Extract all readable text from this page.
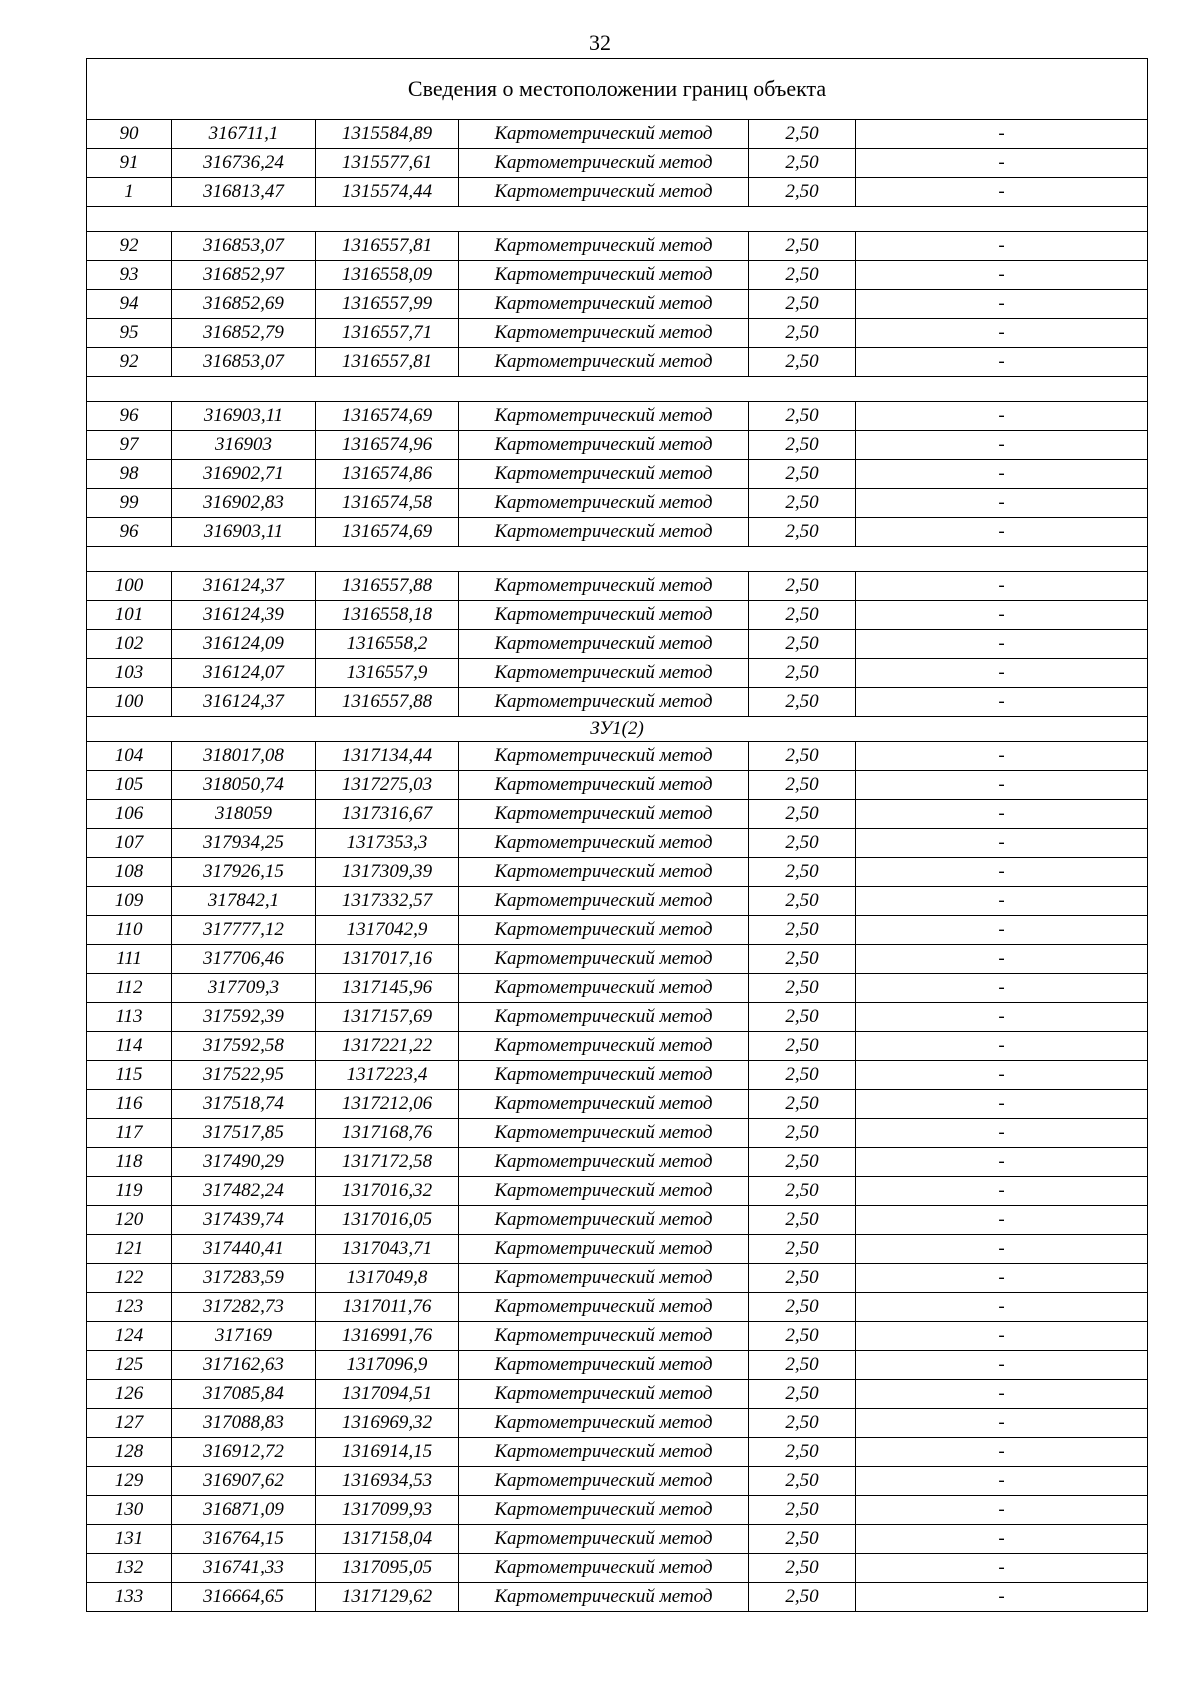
32
Сведения о местоположении границ объекта					
90	316711,1	1315584,89	Картометрический метод	2,50	-
91	316736,24	1315577,61	Картометрический метод	2,50	-
1	316813,47	1315574,44	Картометрический метод	2,50	-

92	316853,07	1316557,81	Картометрический метод	2,50	-
93	316852,97	1316558,09	Картометрический метод	2,50	-
94	316852,69	1316557,99	Картометрический метод	2,50	-
95	316852,79	1316557,71	Картометрический метод	2,50	-
92	316853,07	1316557,81	Картометрический метод	2,50	-

96	316903,11	1316574,69	Картометрический метод	2,50	-
97	316903	1316574,96	Картометрический метод	2,50	-
98	316902,71	1316574,86	Картометрический метод	2,50	-
99	316902,83	1316574,58	Картометрический метод	2,50	-
96	316903,11	1316574,69	Картометрический метод	2,50	-

100	316124,37	1316557,88	Картометрический метод	2,50	-
101	316124,39	1316558,18	Картометрический метод	2,50	-
102	316124,09	1316558,2	Картометрический метод	2,50	-
103	316124,07	1316557,9	Картометрический метод	2,50	-
100	316124,37	1316557,88	Картометрический метод	2,50	-
ЗУ1(2)					
104	318017,08	1317134,44	Картометрический метод	2,50	-
105	318050,74	1317275,03	Картометрический метод	2,50	-
106	318059	1317316,67	Картометрический метод	2,50	-
107	317934,25	1317353,3	Картометрический метод	2,50	-
108	317926,15	1317309,39	Картометрический метод	2,50	-
109	317842,1	1317332,57	Картометрический метод	2,50	-
110	317777,12	1317042,9	Картометрический метод	2,50	-
111	317706,46	1317017,16	Картометрический метод	2,50	-
112	317709,3	1317145,96	Картометрический метод	2,50	-
113	317592,39	1317157,69	Картометрический метод	2,50	-
114	317592,58	1317221,22	Картометрический метод	2,50	-
115	317522,95	1317223,4	Картометрический метод	2,50	-
116	317518,74	1317212,06	Картометрический метод	2,50	-
117	317517,85	1317168,76	Картометрический метод	2,50	-
118	317490,29	1317172,58	Картометрический метод	2,50	-
119	317482,24	1317016,32	Картометрический метод	2,50	-
120	317439,74	1317016,05	Картометрический метод	2,50	-
121	317440,41	1317043,71	Картометрический метод	2,50	-
122	317283,59	1317049,8	Картометрический метод	2,50	-
123	317282,73	1317011,76	Картометрический метод	2,50	-
124	317169	1316991,76	Картометрический метод	2,50	-
125	317162,63	1317096,9	Картометрический метод	2,50	-
126	317085,84	1317094,51	Картометрический метод	2,50	-
127	317088,83	1316969,32	Картометрический метод	2,50	-
128	316912,72	1316914,15	Картометрический метод	2,50	-
129	316907,62	1316934,53	Картометрический метод	2,50	-
130	316871,09	1317099,93	Картометрический метод	2,50	-
131	316764,15	1317158,04	Картометрический метод	2,50	-
132	316741,33	1317095,05	Картометрический метод	2,50	-
133	316664,65	1317129,62	Картометрический метод	2,50	-
